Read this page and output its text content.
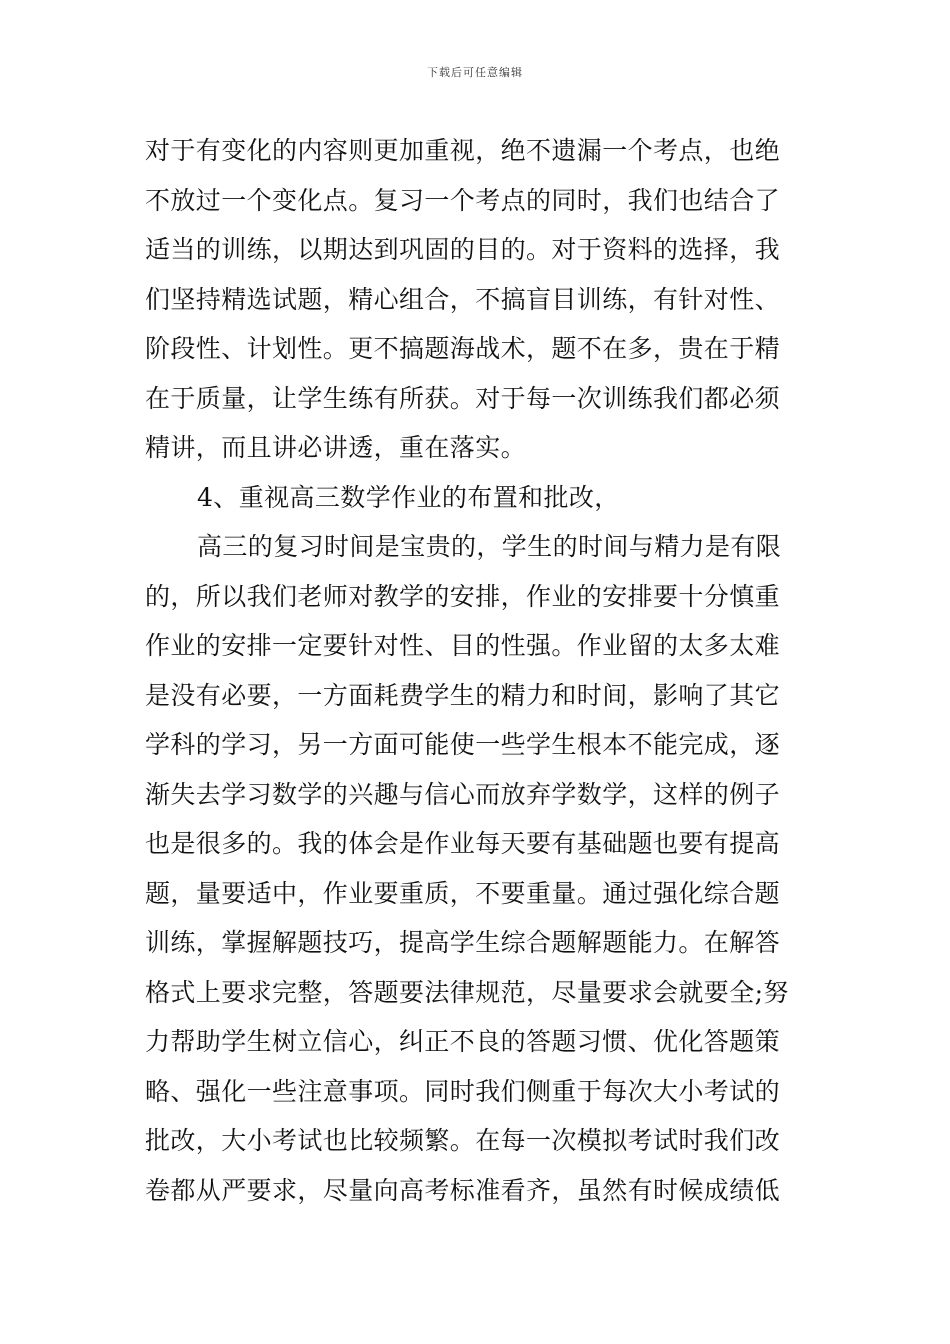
下载后可任意编辑
对于有变化的内容则更加重视，绝不遗漏一个考点，也绝
不放过一个变化点。复习一个考点的同时，我们也结合了
适当的训练，以期达到巩固的目的。对于资料的选择，我
们坚持精选试题，精心组合，不搞盲目训练，有针对性、
阶段性、计划性。更不搞题海战术，题不在多，贵在于精
在于质量，让学生练有所获。对于每一次训练我们都必须
精讲，而且讲必讲透，重在落实。
4、重视高三数学作业的布置和批改，
高三的复习时间是宝贵的，学生的时间与精力是有限
的，所以我们老师对教学的安排，作业的安排要十分慎重
作业的安排一定要针对性、目的性强。作业留的太多太难
是没有必要，一方面耗费学生的精力和时间，影响了其它
学科的学习，另一方面可能使一些学生根本不能完成，逐
渐失去学习数学的兴趣与信心而放弃学数学，这样的例子
也是很多的。我的体会是作业每天要有基础题也要有提高
题，量要适中，作业要重质，不要重量。通过强化综合题
训练，掌握解题技巧，提高学生综合题解题能力。在解答
格式上要求完整，答题要法律规范，尽量要求会就要全;努
力帮助学生树立信心，纠正不良的答题习惯、优化答题策
略、强化一些注意事项。同时我们侧重于每次大小考试的
批改，大小考试也比较频繁。在每一次模拟考试时我们改
卷都从严要求，尽量向高考标准看齐，虽然有时候成绩低
